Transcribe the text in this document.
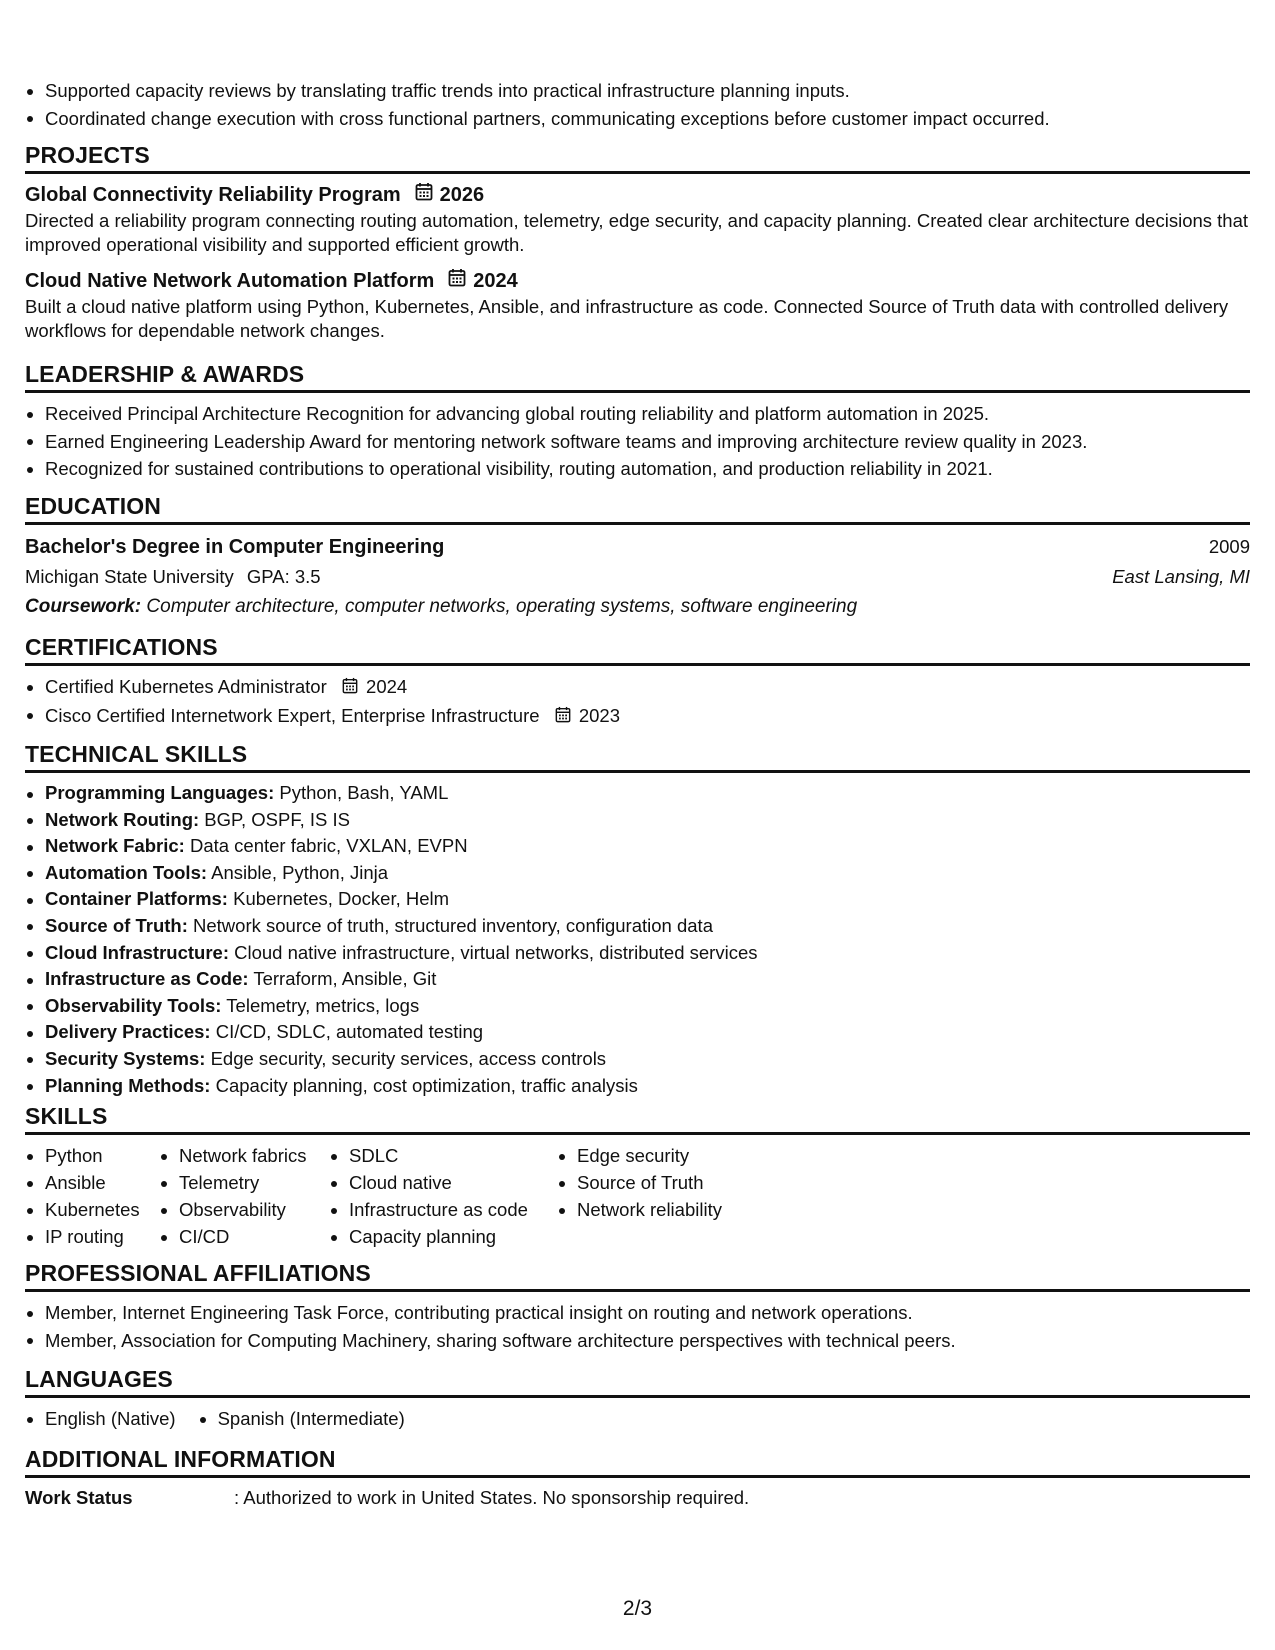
Supported capacity reviews by translating traffic trends into practical infrastructure planning inputs.
Coordinated change execution with cross functional partners, communicating exceptions before customer impact occurred.
PROJECTS
Global Connectivity Reliability Program 2026
Directed a reliability program connecting routing automation, telemetry, edge security, and capacity planning. Created clear architecture decisions that improved operational visibility and supported efficient growth.
Cloud Native Network Automation Platform 2024
Built a cloud native platform using Python, Kubernetes, Ansible, and infrastructure as code. Connected Source of Truth data with controlled delivery workflows for dependable network changes.
LEADERSHIP & AWARDS
Received Principal Architecture Recognition for advancing global routing reliability and platform automation in 2025.
Earned Engineering Leadership Award for mentoring network software teams and improving architecture review quality in 2023.
Recognized for sustained contributions to operational visibility, routing automation, and production reliability in 2021.
EDUCATION
Bachelor's Degree in Computer Engineering	2009
Michigan State University GPA: 3.5	East Lansing, MI
Coursework: Computer architecture, computer networks, operating systems, software engineering
CERTIFICATIONS
Certified Kubernetes Administrator 2024
Cisco Certified Internetwork Expert, Enterprise Infrastructure 2023
TECHNICAL SKILLS
Programming Languages: Python, Bash, YAML
Network Routing: BGP, OSPF, IS IS
Network Fabric: Data center fabric, VXLAN, EVPN
Automation Tools: Ansible, Python, Jinja
Container Platforms: Kubernetes, Docker, Helm
Source of Truth: Network source of truth, structured inventory, configuration data
Cloud Infrastructure: Cloud native infrastructure, virtual networks, distributed services
Infrastructure as Code: Terraform, Ansible, Git
Observability Tools: Telemetry, metrics, logs
Delivery Practices: CI/CD, SDLC, automated testing
Security Systems: Edge security, security services, access controls
Planning Methods: Capacity planning, cost optimization, traffic analysis
SKILLS
Python
Ansible
Kubernetes
IP routing
Network fabrics
Telemetry
Observability
CI/CD
SDLC
Cloud native
Infrastructure as code
Capacity planning
Edge security
Source of Truth
Network reliability
PROFESSIONAL AFFILIATIONS
Member, Internet Engineering Task Force, contributing practical insight on routing and network operations.
Member, Association for Computing Machinery, sharing software architecture perspectives with technical peers.
LANGUAGES
English (Native)	Spanish (Intermediate)
ADDITIONAL INFORMATION
Work Status	: Authorized to work in United States. No sponsorship required.
2/3
